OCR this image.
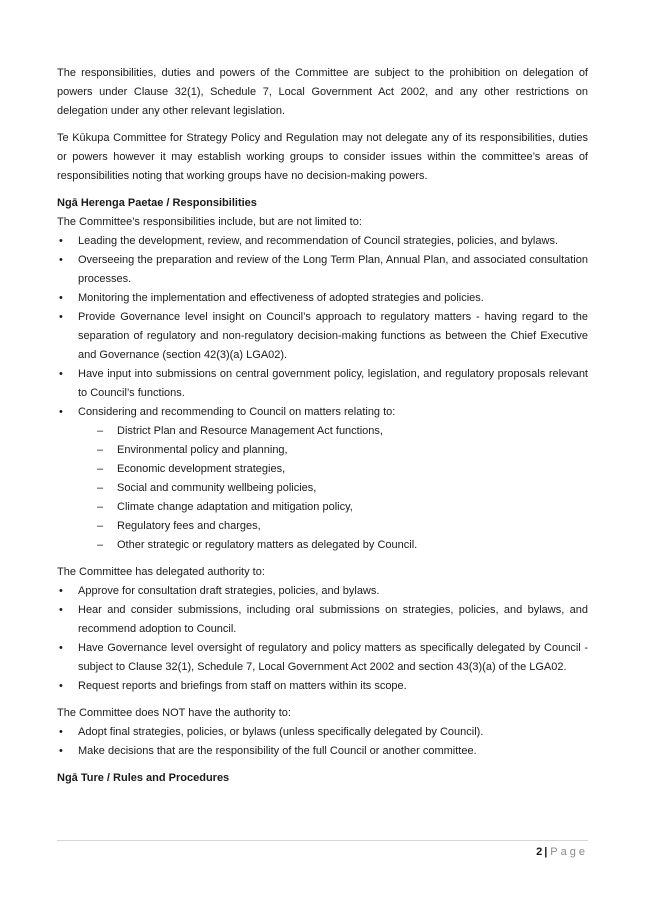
The responsibilities, duties and powers of the Committee are subject to the prohibition on delegation of powers under Clause 32(1), Schedule 7, Local Government Act 2002, and any other restrictions on delegation under any other relevant legislation.

Te Kūkupa Committee for Strategy Policy and Regulation may not delegate any of its responsibilities, duties or powers however it may establish working groups to consider issues within the committee’s areas of responsibilities noting that working groups have no decision-making powers.

Ngā Herenga Paetae / Responsibilities

The Committee’s responsibilities include, but are not limited to:

• Leading the development, review, and recommendation of Council strategies, policies, and bylaws.
• Overseeing the preparation and review of the Long Term Plan, Annual Plan, and associated consultation processes.
• Monitoring the implementation and effectiveness of adopted strategies and policies.
• Provide Governance level insight on Council’s approach to regulatory matters - having regard to the separation of regulatory and non-regulatory decision-making functions as between the Chief Executive and Governance (section 42(3)(a) LGA02).
• Have input into submissions on central government policy, legislation, and regulatory proposals relevant to Council’s functions.
• Considering and recommending to Council on matters relating to:
– District Plan and Resource Management Act functions,
– Environmental policy and planning,
– Economic development strategies,
– Social and community wellbeing policies,
– Climate change adaptation and mitigation policy,
– Regulatory fees and charges,
– Other strategic or regulatory matters as delegated by Council.

The Committee has delegated authority to:

• Approve for consultation draft strategies, policies, and bylaws.
• Hear and consider submissions, including oral submissions on strategies, policies, and bylaws, and recommend adoption to Council.
• Have Governance level oversight of regulatory and policy matters as specifically delegated by Council - subject to Clause 32(1), Schedule 7, Local Government Act 2002 and section 43(3)(a) of the LGA02.
• Request reports and briefings from staff on matters within its scope.

The Committee does NOT have the authority to:

• Adopt final strategies, policies, or bylaws (unless specifically delegated by Council).
• Make decisions that are the responsibility of the full Council or another committee.
Ngā Ture / Rules and Procedures
2 | Page
